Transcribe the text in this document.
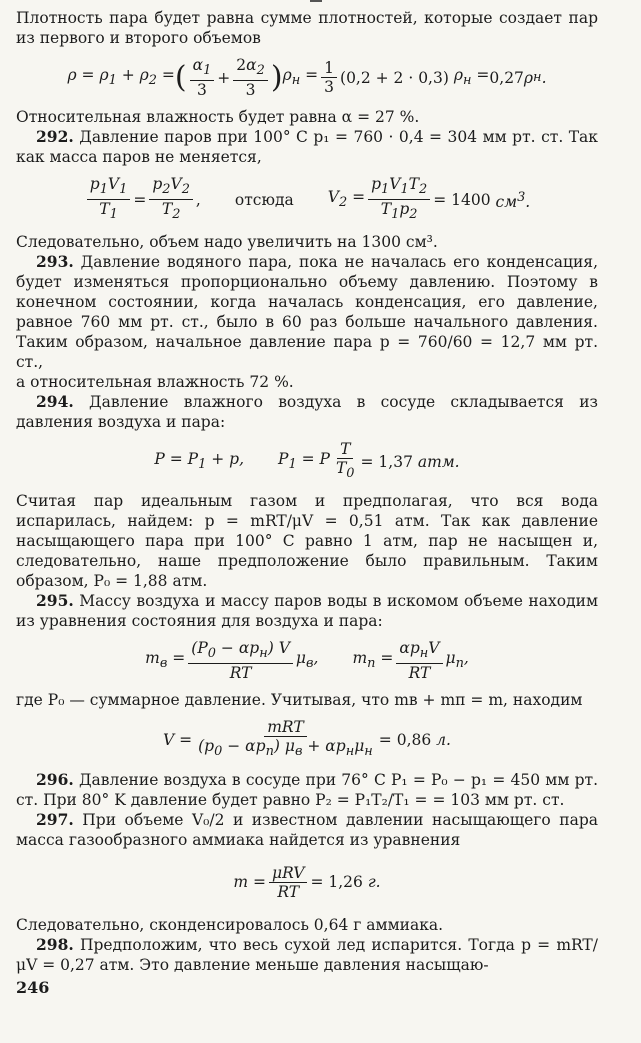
Плотность пара будет равна сумме плотностей, которые создает пар из первого и второго объемов

$\rho = \rho_1 + \rho_2$ = ( $\frac{\alpha_1}{3} + \frac{2\alpha_2}{3}$ ) $\rho_н = \frac{1}{3} (0,2 + 2 \cdot 0,3)$
$\rho_н = 0,27$ ρ н .

Относительная влажность будет равна α = 27 %.

292. Давление паров при 100° C p₁ = 760 · 0,4 = 304 мм рт. ст. Так как масса паров не меняется,

$\frac{p_1V_1}{T_1} = \frac{p_2V_2}{T_2}$ , отсюда $V_2 = \frac{p_1V_1T_2}{T_1p_2} = 1400$
$см^3$.

Следовательно, объем надо увеличить на 1300 см³.

293. Давление водяного пара, пока не началась его конденсация, будет изменяться пропорционально объему давлению. Поэтому в конечном состоянии, когда началась конденсация, его давление, равное 760 мм рт. ст., было в 60 раз больше начального давления. Таким образом, начальное давление пара p = 760/60 = 12,7 мм рт. ст.,

а относительная влажность 72 %.

294. Давление влажного воздуха в сосуде складывается из давления воздуха и пара:

$P = P_1 + p$, $P_1 = P \frac{T}{T_0} = 1,37$
атм.

Считая пар идеальным газом и предполагая, что вся вода испарилась, найдем: p = mRT/μV = 0,51 атм. Так как давление насыщающего пара при 100° C равно 1 атм, пар не насыщен и, следовательно, наше предположение было правильным. Таким образом, P₀ = 1,88 атм.

295. Массу воздуха и массу паров воды в искомом объеме находим из уравнения состояния для воздуха и пара:

$m_в = \frac{(P_0 - \alpha p_н) V}{RT} \mu_в$, $m_п = \frac{\alpha p_нV}{RT} \mu_п$,

где P₀ — суммарное давление. Учитывая, что mв + mп = m, находим

$V = \frac{\text{mRT}}{(p_0 - \alpha p_п) \mu_в + \alpha p_н\mu_н} = 0,86$
л.

296. Давление воздуха в сосуде при 76° C P₁ = P₀ − p₁ = 450 мм рт. ст. При 80° K давление будет равно P₂ = P₁T₂/T₁ = = 103 мм рт. ст.

297. При объеме V₀/2 и известном давлении насыщающего пара масса газообразного аммиака найдется из уравнения

$m = \frac{\text{μRV}}{RT} = 1,26$
г.

Следовательно, сконденсировалось 0,64 г аммиака.

298. Предположим, что весь сухой лед испарится. Тогда p = mRT/μV = 0,27 атм. Это давление меньше давления насыщаю-

246
